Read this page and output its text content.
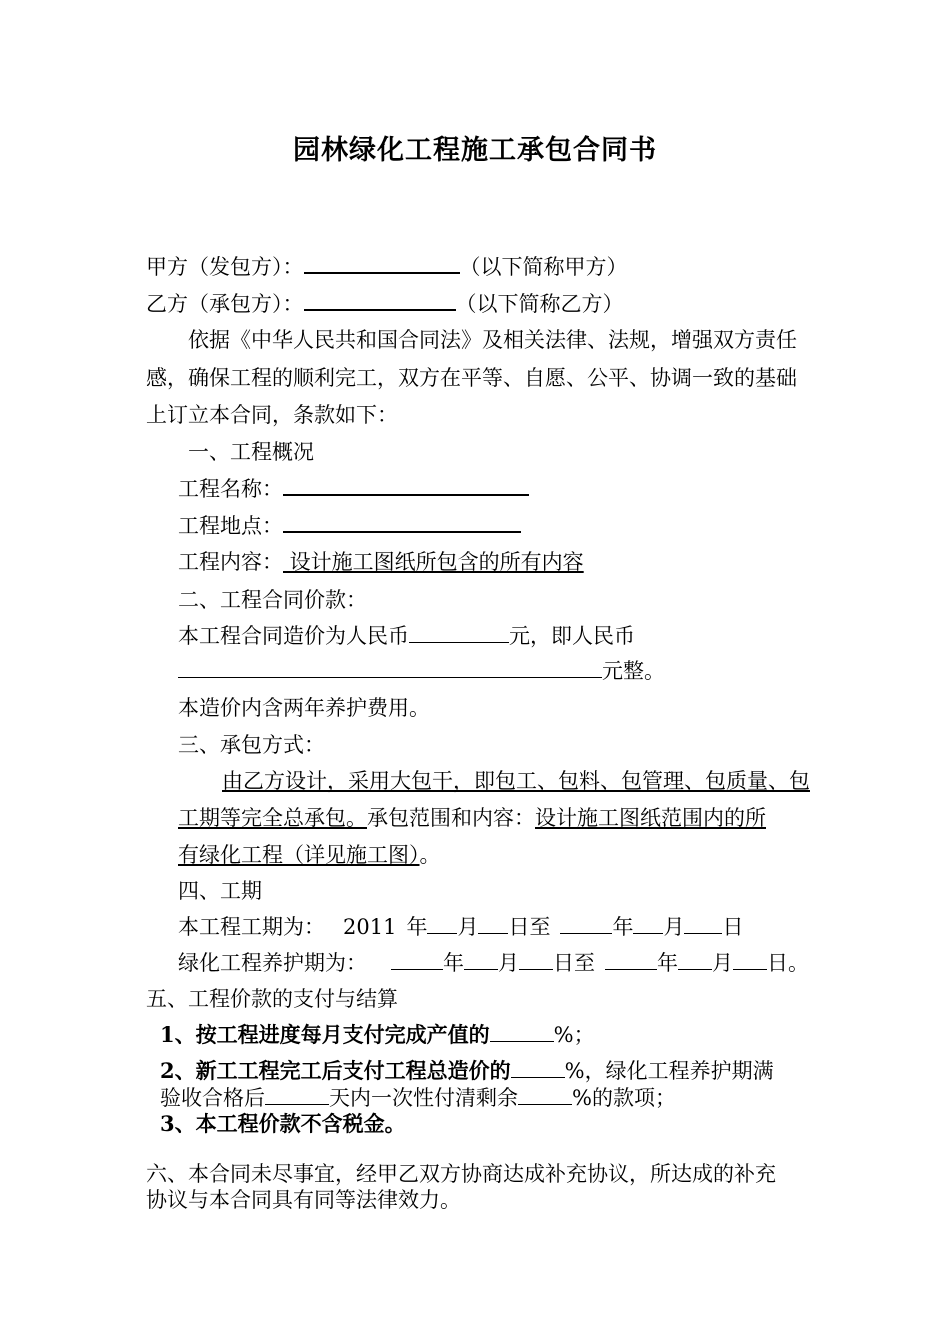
园林绿化工程施工承包合同书
甲方（发包方）：	（以下简称甲方）
乙方（承包方）：	（以下简称乙方）
依据《中华人民共和国合同法》及相关法律、法规，增强双方责任
感，确保工程的顺利完工，双方在平等、自愿、公平、协调一致的基础
上订立本合同，条款如下：
一、工程概况
工程名称：
工程地点：
工程内容： 设计施工图纸所包含的所有内容
二、工程合同价款：
本工程合同造价为人民币	元，即人民币
元整。
本造价内含两年养护费用。
三、承包方式：
由乙方设计，采用大包干，即包工、包料、包管理、包质量、包
工期等完全总承包。承包范围和内容：设计施工图纸范围内的所
有绿化工程（详见施工图）。
四、工期
本工程工期为： 2011 年 月 日至	年 月 日
绿化工程养护期为：	年 月 日至	年 月 日。
五、工程价款的支付与结算
1、按工程进度每月支付完成产值的	%；
2、新工工程完工后支付工程总造价的	%，绿化工程养护期满
验收合格后	天内一次性付清剩余	%的款项；
3、本工程价款不含税金。
六、本合同未尽事宜，经甲乙双方协商达成补充协议，所达成的补充
协议与本合同具有同等法律效力。
